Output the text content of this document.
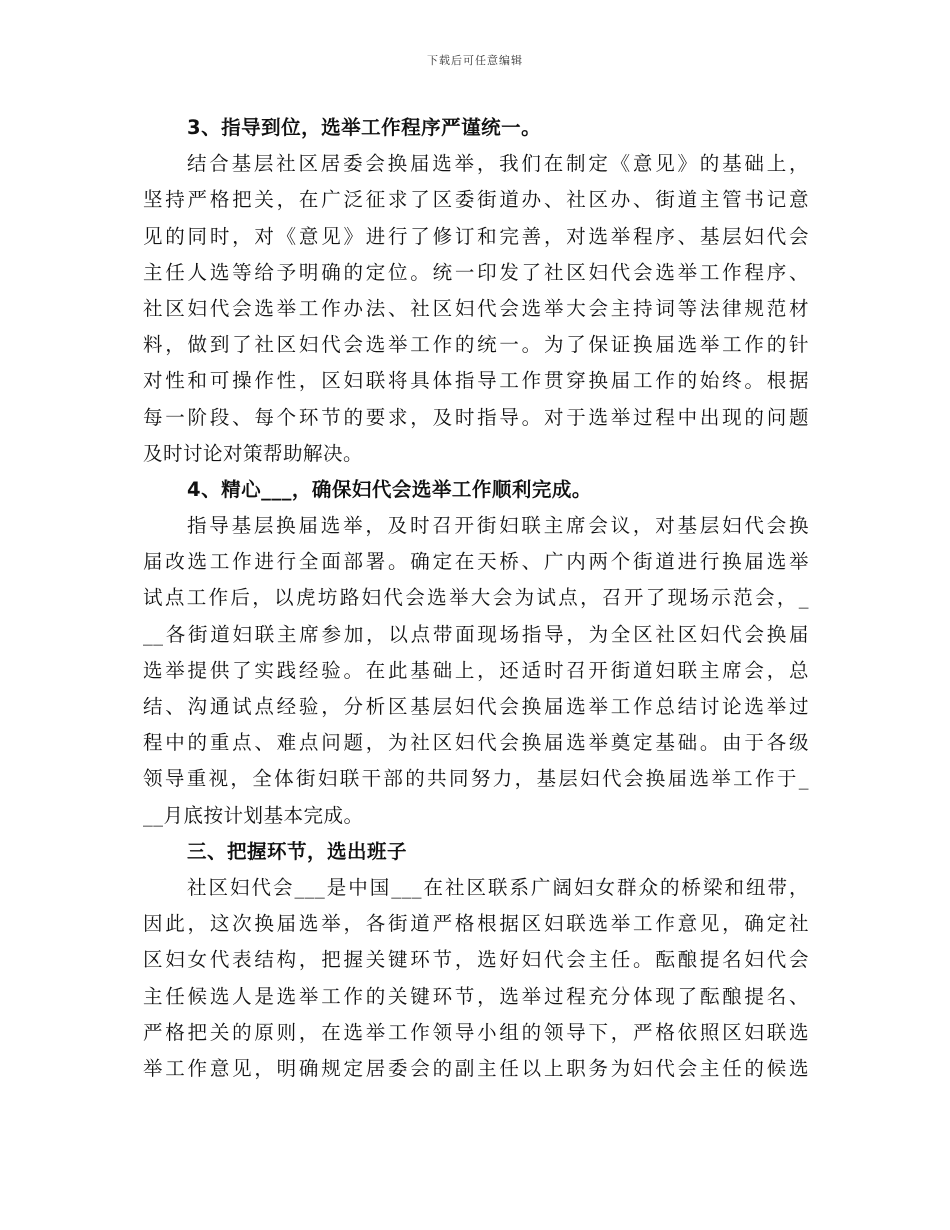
下载后可任意编辑
3、指导到位，选举工作程序严谨统一。
结合基层社区居委会换届选举，我们在制定《意见》的基础上，
坚持严格把关，在广泛征求了区委街道办、社区办、街道主管书记意
见的同时，对《意见》进行了修订和完善，对选举程序、基层妇代会
主任人选等给予明确的定位。统一印发了社区妇代会选举工作程序、
社区妇代会选举工作办法、社区妇代会选举大会主持词等法律规范材
料，做到了社区妇代会选举工作的统一。为了保证换届选举工作的针
对性和可操作性，区妇联将具体指导工作贯穿换届工作的始终。根据
每一阶段、每个环节的要求，及时指导。对于选举过程中出现的问题
及时讨论对策帮助解决。
4、精心___，确保妇代会选举工作顺利完成。
指导基层换届选举，及时召开街妇联主席会议，对基层妇代会换
届改选工作进行全面部署。确定在天桥、广内两个街道进行换届选举
试点工作后，以虎坊路妇代会选举大会为试点，召开了现场示范会，_
__各街道妇联主席参加，以点带面现场指导，为全区社区妇代会换届
选举提供了实践经验。在此基础上，还适时召开街道妇联主席会，总
结、沟通试点经验，分析区基层妇代会换届选举工作总结讨论选举过
程中的重点、难点问题，为社区妇代会换届选举奠定基础。由于各级
领导重视，全体街妇联干部的共同努力，基层妇代会换届选举工作于_
__月底按计划基本完成。
三、把握环节，选出班子
社区妇代会___是中国___在社区联系广阔妇女群众的桥梁和纽带，
因此，这次换届选举，各街道严格根据区妇联选举工作意见，确定社
区妇女代表结构，把握关键环节，选好妇代会主任。酝酿提名妇代会
主任候选人是选举工作的关键环节，选举过程充分体现了酝酿提名、
严格把关的原则，在选举工作领导小组的领导下，严格依照区妇联选
举工作意见，明确规定居委会的副主任以上职务为妇代会主任的候选
